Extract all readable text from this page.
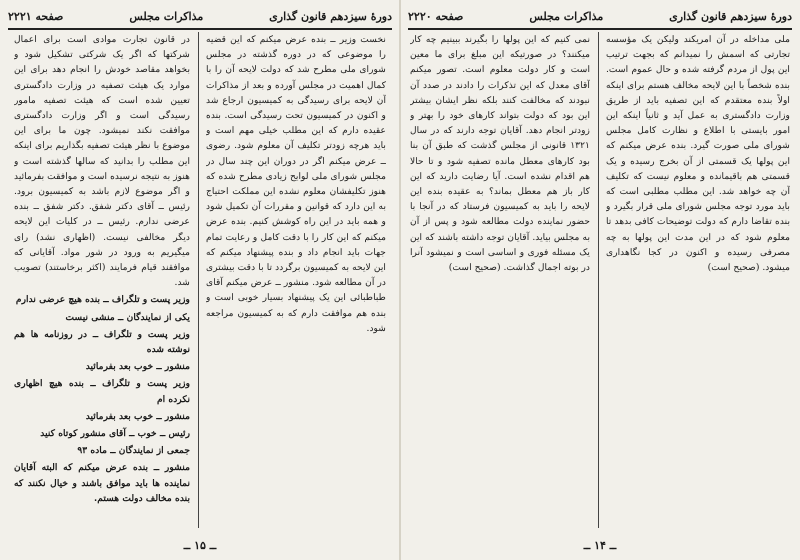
دورهٔ سیزدهم قانون گذاری
مذاکرات مجلس
صفحه ۲۲۲۱

نخست وزیر ــ بنده عرض میکنم که این قضیه را موضوعی که در دوره گذشته در مجلس شورای ملی مطرح شد که دولت لایحه آن را با کمال اهمیت در مجلس آورده و بعد از مذاکرات آن لایحه برای رسیدگی به کمیسیون ارجاع شد و اکنون در کمیسیون تحت رسیدگی است. بنده عقیده دارم که این مطلب خیلی مهم است و باید هرچه زودتر تکلیف آن معلوم شود. رضوی ــ عرض میکنم اگر در دوران این چند سال در مجلس شورای ملی لوایح زیادی مطرح شده که هنوز تکلیفشان معلوم نشده این مملکت احتیاج به این دارد که قوانین و مقررات آن تکمیل شود و همه باید در این راه کوشش کنیم. بنده عرض میکنم که این کار را با دقت کامل و رعایت تمام جهات باید انجام داد و بنده پیشنهاد میکنم که این لایحه به کمیسیون برگردد تا با دقت بیشتری در آن مطالعه شود. منشور ــ عرض میکنم آقای طباطبائی این یک پیشنهاد بسیار خوبی است و بنده هم موافقت دارم که به کمیسیون مراجعه شود.

در قانون تجارت موادی است برای اعمال شرکتها که اگر یک شرکتی تشکیل شود و بخواهد مقاصد خودش را انجام دهد برای این موارد یک هیئت تصفیه در وزارت دادگستری تعیین شده است که هیئت تصفیه مامور رسیدگی است و اگر وزارت دادگستری موافقت نکند نمیشود. چون ما برای این موضوع با نظر هیئت تصفیه بگذاریم برای اینکه این مطلب را بدانید که سالها گذشته است و هنوز به نتیجه نرسیده است و موافقت بفرمائید و اگر موضوع لازم باشد به کمیسیون برود. رئیس ــ آقای دکتر شفق. دکتر شفق ــ بنده عرضی ندارم. رئیس ــ در کلیات این لایحه دیگر مخالفی نیست. (اظهاری نشد) رای میگیریم به ورود در شور مواد. آقایانی که موافقند قیام فرمایند (اکثر برخاستند) تصویب شد.

وزیر پست و تلگراف ــ بنده هیچ عرضی ندارم
یکی از نمایندگان ــ منشی نیست
وزیر پست و تلگراف ــ در روزنامه ها هم نوشته شده
منشور ــ خوب بعد بفرمائید
وزیر پست و تلگراف ــ بنده هیچ اظهاری نکرده ام
منشور ــ خوب بعد بفرمائید
رئیس ــ خوب ــ آقای منشور کوتاه کنید
جمعی از نمایندگان ــ ماده ۹۳
منشور ــ بنده عرض میکنم که البته آقایان نماینده ها باید موافق باشند و خیال نکنند که بنده مخالف دولت هستم.
ــ ۱۵ ــ
دورهٔ سیزدهم قانون گذاری
مذاکرات مجلس
صفحه ۲۲۲۰

ملی مداخله در آن امریکند ولیکن یک مؤسسه تجارتی که اسمش را نمیدانم که بجهت ترتیب این پول از مردم گرفته شده و حال عموم است. بنده شخصاً با این لایحه مخالف هستم برای اینکه اولاً بنده معتقدم که این تصفیه باید از طریق وزارت دادگستری به عمل آید و ثانیاً اینکه این امور بایستی با اطلاع و نظارت کامل مجلس شورای ملی صورت گیرد. بنده عرض میکنم که این پولها یک قسمتی از آن بخرج رسیده و یک قسمتی هم باقیمانده و معلوم نیست که تکلیف آن چه خواهد شد. این مطلب مطلبی است که باید مورد توجه مجلس شورای ملی قرار بگیرد و بنده تقاضا دارم که دولت توضیحات کافی بدهد تا معلوم شود که در این مدت این پولها به چه مصرفی رسیده و اکنون در کجا نگاهداری میشود. (صحیح است)

نمی کنیم که این پولها را بگیرند ببینیم چه کار میکنند؟ در صورتیکه این مبلغ برای ما معین است و کار دولت معلوم است. تصور میکنم آقای معدل که این تذکرات را دادند در صدد آن نبودند که مخالفت کنند بلکه نظر ایشان بیشتر این بود که دولت بتواند کارهای خود را بهتر و زودتر انجام دهد. آقایان توجه دارند که در سال ۱۳۲۱ قانونی از مجلس گذشت که طبق آن بنا بود کارهای معطل مانده تصفیه شود و تا حالا هم اقدام نشده است. آیا رضایت دارید که این کار باز هم معطل بماند؟ به عقیده بنده این لایحه را باید به کمیسیون فرستاد که در آنجا با حضور نماینده دولت مطالعه شود و پس از آن به مجلس بیاید. آقایان توجه داشته باشند که این یک مسئله فوری و اساسی است و نمیشود آنرا در بوته اجمال گذاشت. (صحیح است)

ــ ۱۴ ــ
